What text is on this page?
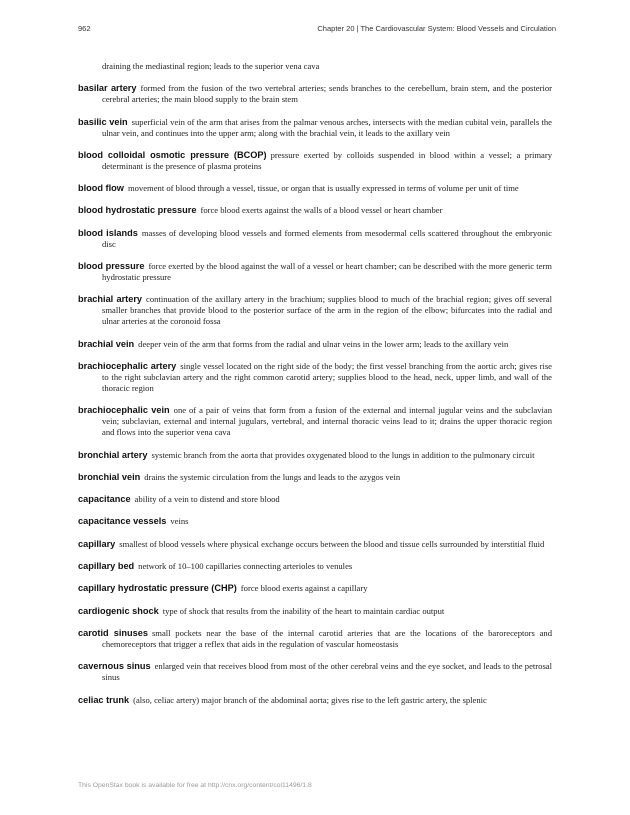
962	Chapter 20 | The Cardiovascular System: Blood Vessels and Circulation
draining the mediastinal region; leads to the superior vena cava
basilar artery formed from the fusion of the two vertebral arteries; sends branches to the cerebellum, brain stem, and the posterior cerebral arteries; the main blood supply to the brain stem
basilic vein superficial vein of the arm that arises from the palmar venous arches, intersects with the median cubital vein, parallels the ulnar vein, and continues into the upper arm; along with the brachial vein, it leads to the axillary vein
blood colloidal osmotic pressure (BCOP) pressure exerted by colloids suspended in blood within a vessel; a primary determinant is the presence of plasma proteins
blood flow movement of blood through a vessel, tissue, or organ that is usually expressed in terms of volume per unit of time
blood hydrostatic pressure force blood exerts against the walls of a blood vessel or heart chamber
blood islands masses of developing blood vessels and formed elements from mesodermal cells scattered throughout the embryonic disc
blood pressure force exerted by the blood against the wall of a vessel or heart chamber; can be described with the more generic term hydrostatic pressure
brachial artery continuation of the axillary artery in the brachium; supplies blood to much of the brachial region; gives off several smaller branches that provide blood to the posterior surface of the arm in the region of the elbow; bifurcates into the radial and ulnar arteries at the coronoid fossa
brachial vein deeper vein of the arm that forms from the radial and ulnar veins in the lower arm; leads to the axillary vein
brachiocephalic artery single vessel located on the right side of the body; the first vessel branching from the aortic arch; gives rise to the right subclavian artery and the right common carotid artery; supplies blood to the head, neck, upper limb, and wall of the thoracic region
brachiocephalic vein one of a pair of veins that form from a fusion of the external and internal jugular veins and the subclavian vein; subclavian, external and internal jugulars, vertebral, and internal thoracic veins lead to it; drains the upper thoracic region and flows into the superior vena cava
bronchial artery systemic branch from the aorta that provides oxygenated blood to the lungs in addition to the pulmonary circuit
bronchial vein drains the systemic circulation from the lungs and leads to the azygos vein
capacitance ability of a vein to distend and store blood
capacitance vessels veins
capillary smallest of blood vessels where physical exchange occurs between the blood and tissue cells surrounded by interstitial fluid
capillary bed network of 10–100 capillaries connecting arterioles to venules
capillary hydrostatic pressure (CHP) force blood exerts against a capillary
cardiogenic shock type of shock that results from the inability of the heart to maintain cardiac output
carotid sinuses small pockets near the base of the internal carotid arteries that are the locations of the baroreceptors and chemoreceptors that trigger a reflex that aids in the regulation of vascular homeostasis
cavernous sinus enlarged vein that receives blood from most of the other cerebral veins and the eye socket, and leads to the petrosal sinus
celiac trunk (also, celiac artery) major branch of the abdominal aorta; gives rise to the left gastric artery, the splenic
This OpenStax book is available for free at http://cnx.org/content/col11496/1.8
